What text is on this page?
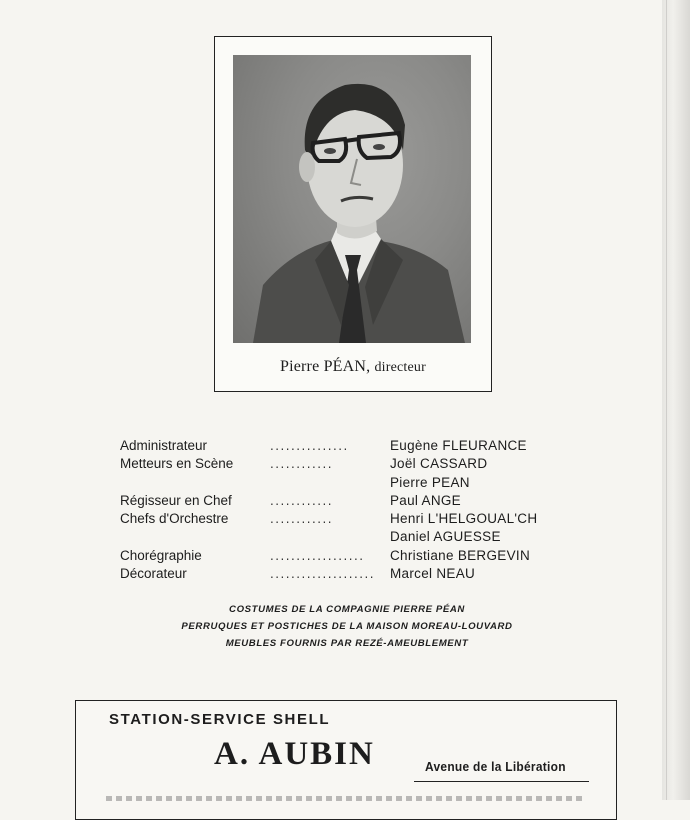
Pierre PÉAN, directeur
Administrateur	...............	Eugène FLEURANCE
Metteurs en Scène	............	Joël CASSARD
Pierre PEAN
Régisseur en Chef	............	Paul ANGE
Chefs d'Orchestre	............	Henri L'HELGOUAL'CH
Daniel AGUESSE
Chorégraphie	..................	Christiane BERGEVIN
Décorateur	....................	Marcel NEAU
COSTUMES DE LA COMPAGNIE PIERRE PÉAN
PERRUQUES ET POSTICHES DE LA MAISON MOREAU-LOUVARD
MEUBLES FOURNIS PAR REZÉ-AMEUBLEMENT
STATION-SERVICE SHELL
A. AUBIN	Avenue de la Libération
